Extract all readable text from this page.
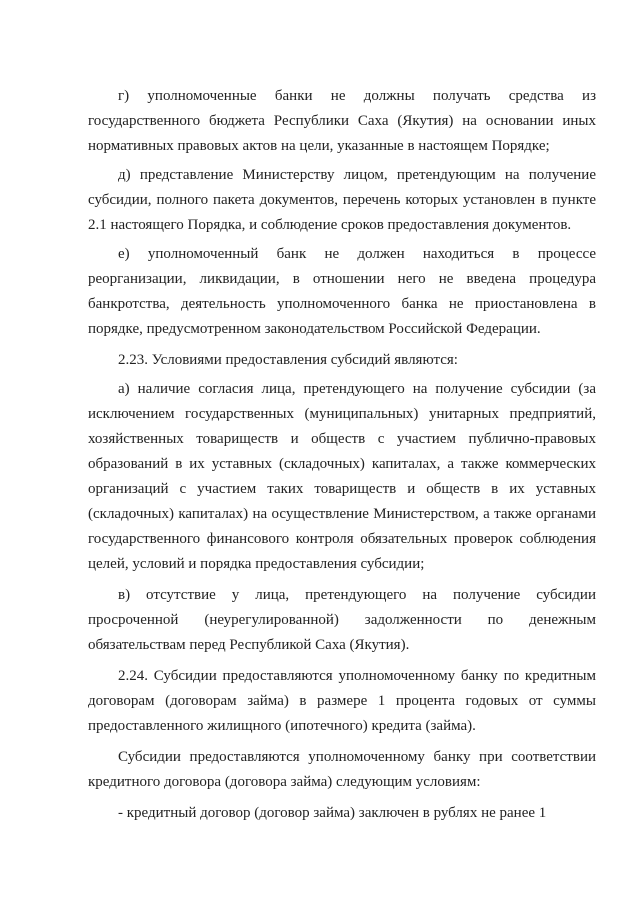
г) уполномоченные банки не должны получать средства из государственного бюджета Республики Саха (Якутия) на основании иных нормативных правовых актов на цели, указанные в настоящем Порядке;

д) представление Министерству лицом, претендующим на получение субсидии, полного пакета документов, перечень которых установлен в пункте 2.1 настоящего Порядка, и соблюдение сроков предоставления документов.

е) уполномоченный банк не должен находиться в процессе реорганизации, ликвидации, в отношении него не введена процедура банкротства, деятельность уполномоченного банка не приостановлена в порядке, предусмотренном законодательством Российской Федерации.

2.23. Условиями предоставления субсидий являются:

а) наличие согласия лица, претендующего на получение субсидии (за исключением государственных (муниципальных) унитарных предприятий, хозяйственных товариществ и обществ с участием публично-правовых образований в их уставных (складочных) капиталах, а также коммерческих организаций с участием таких товариществ и обществ в их уставных (складочных) капиталах) на осуществление Министерством, а также органами государственного финансового контроля обязательных проверок соблюдения целей, условий и порядка предоставления субсидии;

в) отсутствие у лица, претендующего на получение субсидии просроченной (неурегулированной) задолженности по денежным обязательствам перед Республикой Саха (Якутия).

2.24. Субсидии предоставляются уполномоченному банку по кредитным договорам (договорам займа) в размере 1 процента годовых от суммы предоставленного жилищного (ипотечного) кредита (займа).

Субсидии предоставляются уполномоченному банку при соответствии кредитного договора (договора займа) следующим условиям:

- кредитный договор (договор займа) заключен в рублях не ранее 1
